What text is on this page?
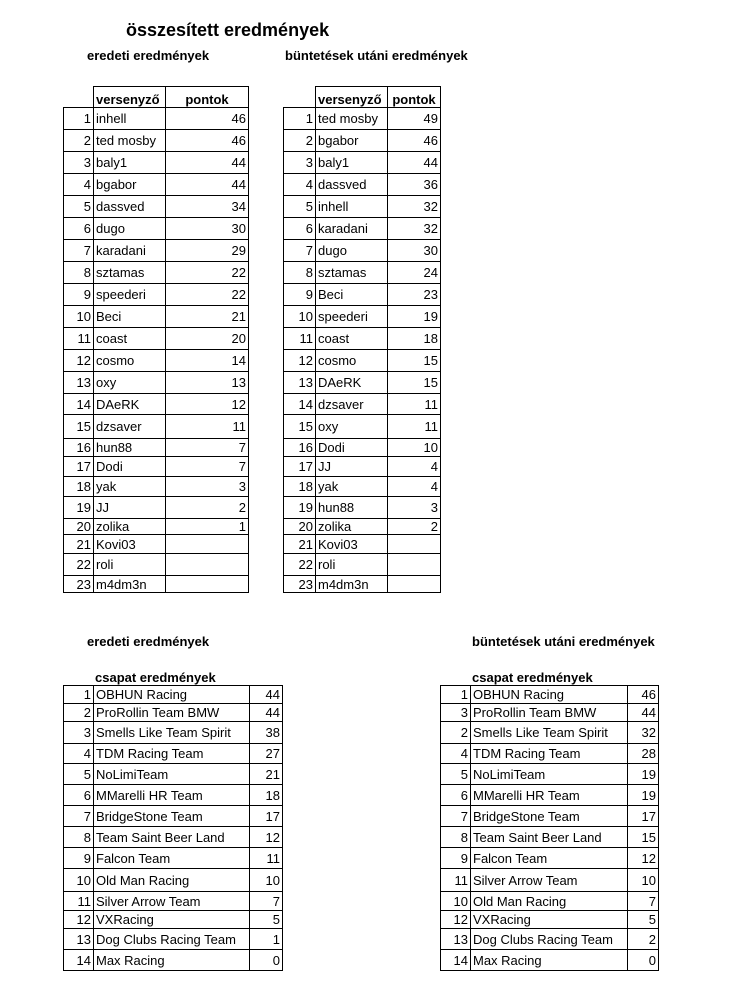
összesített eredmények
eredeti eredmények	büntetések utáni eredmények
	versenyző	pontok
1	inhell	46
2	ted mosby	46
3	baly1	44
4	bgabor	44
5	dassved	34
6	dugo	30
7	karadani	29
8	sztamas	22
9	speederi	22
10	Beci	21
11	coast	20
12	cosmo	14
13	oxy	13
14	DAeRK	12
15	dzsaver	11
16	hun88	7
17	Dodi	7
18	yak	3
19	JJ	2
20	zolika	1
21	Kovi03	
22	roli	
23	m4dm3n	
	versenyző	pontok
1	ted mosby	49
2	bgabor	46
3	baly1	44
4	dassved	36
5	inhell	32
6	karadani	32
7	dugo	30
8	sztamas	24
9	Beci	23
10	speederi	19
11	coast	18
12	cosmo	15
13	DAeRK	15
14	dzsaver	11
15	oxy	11
16	Dodi	10
17	JJ	4
18	yak	4
19	hun88	3
20	zolika	2
21	Kovi03	
22	roli	
23	m4dm3n	
eredeti eredmények	büntetések utáni eredmények
csapat eredmények	csapat eredmények
1	OBHUN Racing	44
2	ProRollin Team BMW	44
3	Smells Like Team Spirit	38
4	TDM Racing Team	27
5	NoLimiTeam	21
6	MMarelli HR Team	18
7	BridgeStone Team	17
8	Team Saint Beer Land	12
9	Falcon Team	11
10	Old Man Racing	10
11	Silver Arrow Team	7
12	VXRacing	5
13	Dog Clubs Racing Team	1
14	Max Racing	0
1	OBHUN Racing	46
3	ProRollin Team BMW	44
2	Smells Like Team Spirit	32
4	TDM Racing Team	28
5	NoLimiTeam	19
6	MMarelli HR Team	19
7	BridgeStone Team	17
8	Team Saint Beer Land	15
9	Falcon Team	12
11	Silver Arrow Team	10
10	Old Man Racing	7
12	VXRacing	5
13	Dog Clubs Racing Team	2
14	Max Racing	0
